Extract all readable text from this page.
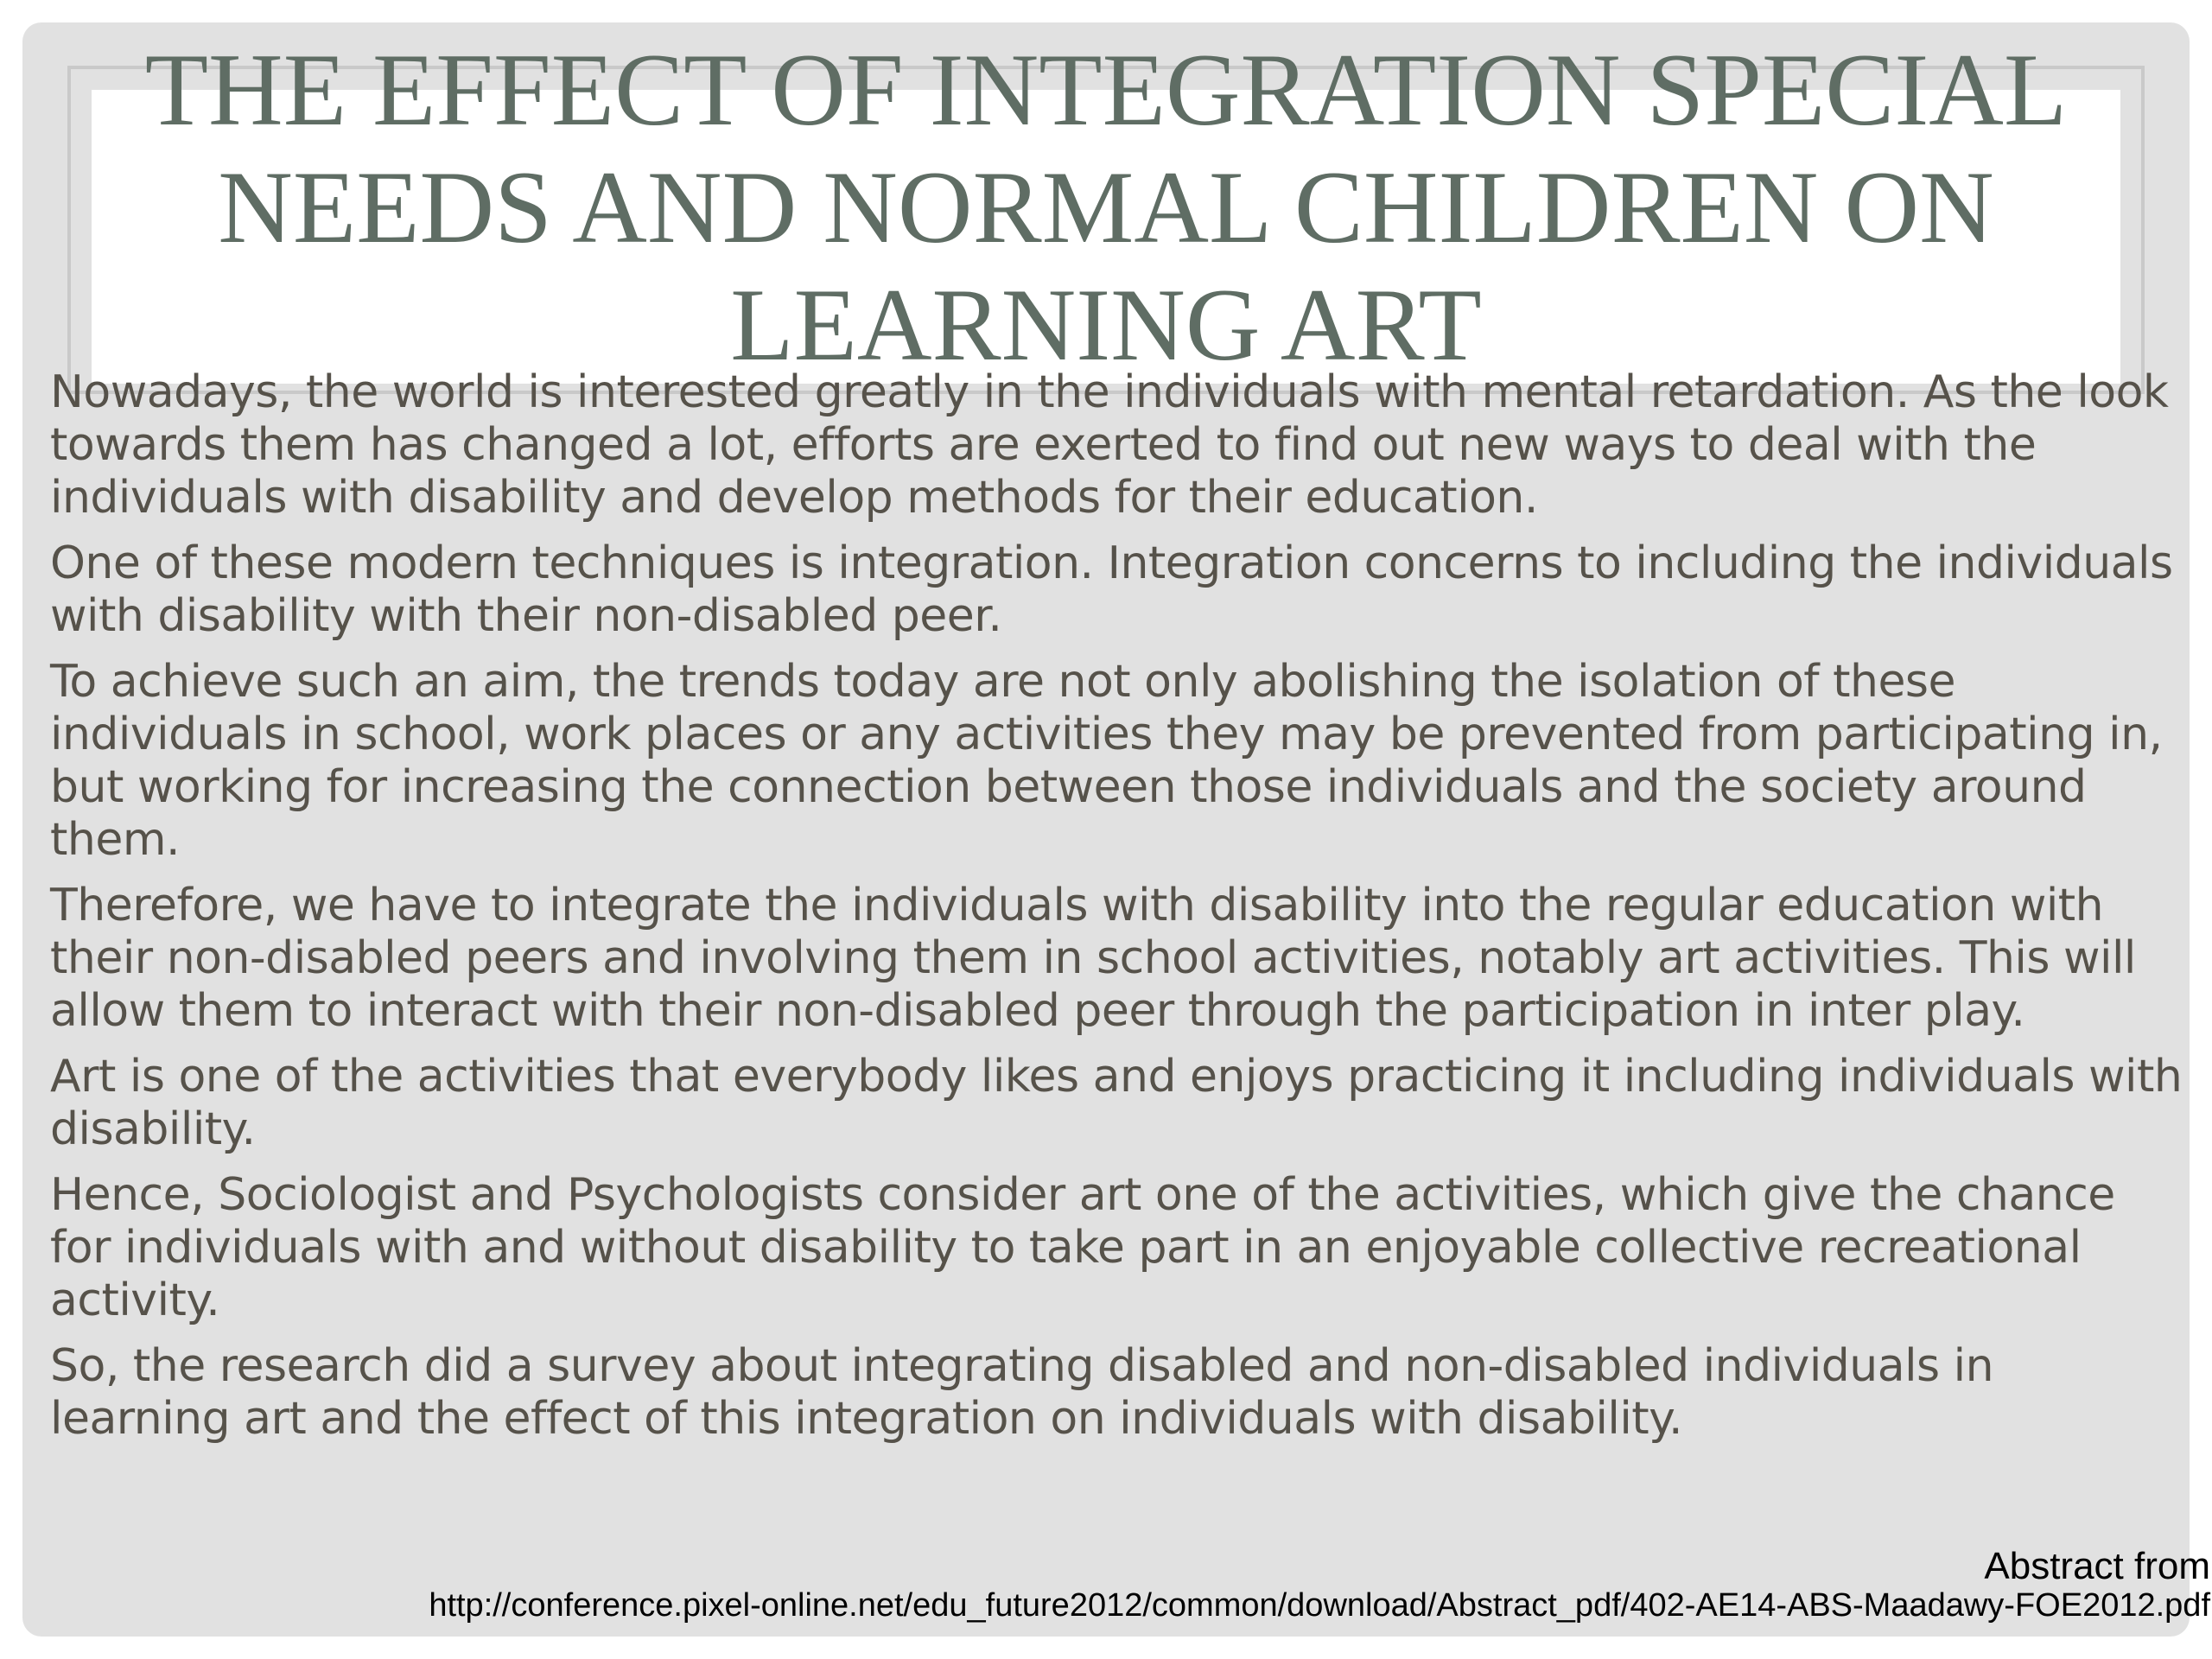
THE EFFECT OF INTEGRATION SPECIAL NEEDS AND NORMAL CHILDREN ON LEARNING ART

Nowadays, the world is interested greatly in the individuals with mental retardation. As the look towards them has changed a lot, efforts are exerted to find out new ways to deal with the individuals with disability and develop methods for their education.

One of these modern techniques is integration. Integration concerns to including the individuals with disability with their non-disabled peer.

To achieve such an aim, the trends today are not only abolishing the isolation of these individuals in school, work places or any activities they may be prevented from participating in, but working for increasing the connection between those individuals and the society around them.

Therefore, we have to integrate the individuals with disability into the regular education with their non-disabled peers and involving them in school activities, notably art activities. This will allow them to interact with their non-disabled peer through the participation in inter play.

Art is one of the activities that everybody likes and enjoys practicing it including individuals with disability.

Hence, Sociologist and Psychologists consider art one of the activities, which give the chance for individuals with and without disability to take part in an enjoyable collective recreational activity.

So, the research did a survey about integrating disabled and non-disabled individuals in learning art and the effect of this integration on individuals with disability.

Abstract from
http://conference.pixel-online.net/edu_future2012/common/download/Abstract_pdf/402-AE14-ABS-Maadawy-FOE2012.pdf
